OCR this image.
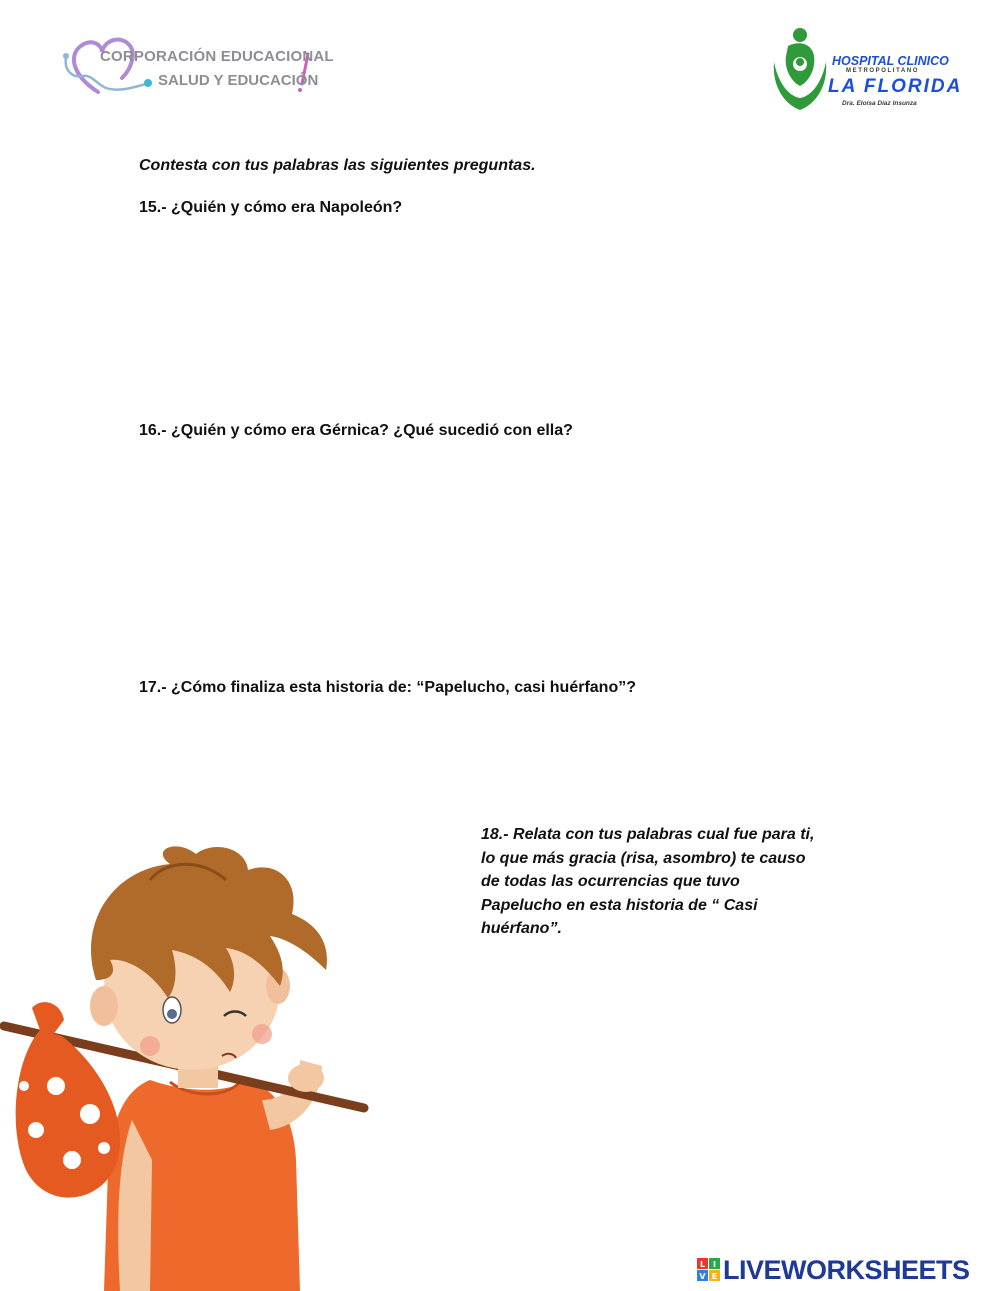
CORPORACIÓN EDUCACIONAL
SALUD Y EDUCACIÓN
HOSPITAL CLINICO
METROPOLITANO
LA FLORIDA
Dra. Eloísa Díaz Insunza
Contesta con tus palabras las siguientes preguntas.
15.- ¿Quién y cómo era Napoleón?
16.- ¿Quién y cómo era Gérnica? ¿Qué sucedió con ella?
17.- ¿Cómo finaliza esta historia de: “Papelucho, casi huérfano”?
18.- Relata con tus palabras cual fue para ti,
lo que más gracia (risa, asombro) te causo
de todas las ocurrencias que tuvo
Papelucho en esta historia de “ Casi
huérfano”.
L I
V E LIVEWORKSHEETS
